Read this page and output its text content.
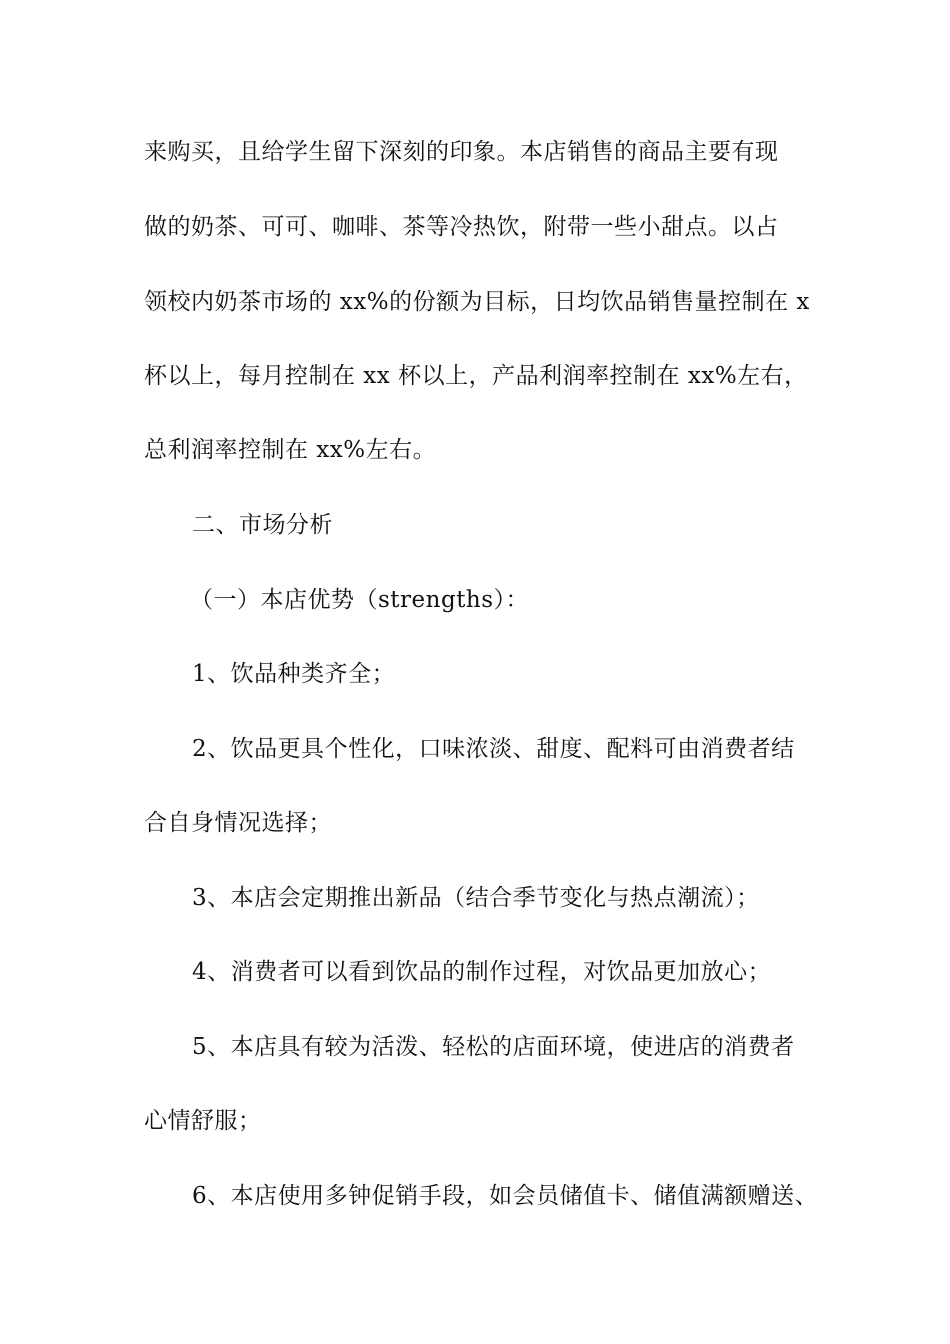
来购买，且给学生留下深刻的印象。本店销售的商品主要有现
做的奶茶、可可、咖啡、茶等冷热饮，附带一些小甜点。以占
领校内奶茶市场的 xx%的份额为目标，日均饮品销售量控制在 x
杯以上，每月控制在 xx 杯以上，产品利润率控制在 xx%左右，
总利润率控制在 xx%左右。
二、市场分析
（一）本店优势（strengths）：
1、饮品种类齐全；
2、饮品更具个性化，口味浓淡、甜度、配料可由消费者结
合自身情况选择；
3、本店会定期推出新品（结合季节变化与热点潮流）；
4、消费者可以看到饮品的制作过程，对饮品更加放心；
5、本店具有较为活泼、轻松的店面环境，使进店的消费者
心情舒服；
6、本店使用多钟促销手段，如会员储值卡、储值满额赠送、
